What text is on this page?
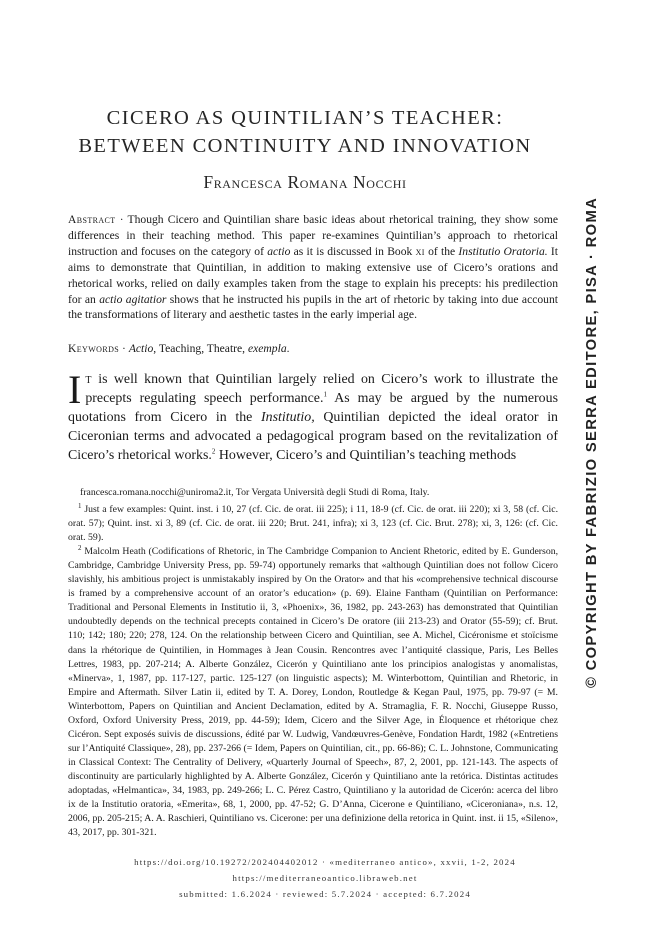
CICERO AS QUINTILIAN’S TEACHER:
BETWEEN CONTINUITY AND INNOVATION
Francesca Romana Nocchi
Abstract · Though Cicero and Quintilian share basic ideas about rhetorical training, they show some differences in their teaching method. This paper re-examines Quintilian’s approach to rhetorical instruction and focuses on the category of actio as it is discussed in Book xi of the Institutio Oratoria. It aims to demonstrate that Quintilian, in addition to making extensive use of Cicero’s orations and rhetorical works, relied on daily examples taken from the stage to explain his precepts: his predilection for an actio agitatior shows that he instructed his pupils in the art of rhetoric by taking into due account the transformations of literary and aesthetic tastes in the early imperial age.
Keywords · Actio, Teaching, Theatre, exempla.
It is well known that Quintilian largely relied on Cicero’s work to illustrate the precepts regulating speech performance.$^1$ As may be argued by the numerous quotations from Cicero in the Institutio, Quintilian depicted the ideal orator in Ciceronian terms and advocated a pedagogical program based on the revitalization of Cicero’s rhetorical works.$^2$ However, Cicero’s and Quintilian’s teaching methods

francesca.romana.nocchi@uniroma2.it, Tor Vergata Università degli Studi di Roma, Italy.

$^1$ Just a few examples: Quint. inst. i 10, 27 (cf. Cic. de orat. iii 225); i 11, 18-9 (cf. Cic. de orat. iii 220); xi 3, 58 (cf. Cic. orat. 57); Quint. inst. xi 3, 89 (cf. Cic. de orat. iii 220; Brut. 241, infra); xi 3, 123 (cf. Cic. Brut. 278); xi, 3, 126: (cf. Cic. orat. 59).

$^2$ Malcolm Heath (Codifications of Rhetoric, in The Cambridge Companion to Ancient Rhetoric, edited by E. Gunderson, Cambridge, Cambridge University Press, pp. 59-74) opportunely remarks that «although Quintilian does not follow Cicero slavishly, his ambitious project is unmistakably inspired by On the Orator» and that his «comprehensive technical discourse is framed by a comprehensive account of an orator’s education» (p. 69). Elaine Fantham (Quintilian on Performance: Traditional and Personal Elements in Institutio ii, 3, «Phoenix», 36, 1982, pp. 243-263) has demonstrated that Quintilian undoubtedly depends on the technical precepts contained in Cicero’s De oratore (iii 213-23) and Orator (55-59); cf. Brut. 110; 142; 180; 220; 278, 124. On the relationship between Cicero and Quintilian, see A. Michel, Cicéronisme et stoïcisme dans la rhétorique de Quintilien, in Hommages à Jean Cousin. Rencontres avec l’antiquité classique, Paris, Les Belles Lettres, 1983, pp. 207-214; A. Alberte González, Cicerón y Quintiliano ante los principios analogistas y anomalistas, «Minerva», 1, 1987, pp. 117-127, partic. 125-127 (on linguistic aspects); M. Winterbottom, Quintilian and Rhetoric, in Empire and Aftermath. Silver Latin ii, edited by T. A. Dorey, London, Routledge & Kegan Paul, 1975, pp. 79-97 (= M. Winterbottom, Papers on Quintilian and Ancient Declamation, edited by A. Stramaglia, F. R. Nocchi, Giuseppe Russo, Oxford, Oxford University Press, 2019, pp. 44-59); Idem, Cicero and the Silver Age, in Éloquence et rhétorique chez Cicéron. Sept exposés suivis de discussions, édité par W. Ludwig, Vandœuvres-Genève, Fondation Hardt, 1982 («Entretiens sur l’Antiquité Classique», 28), pp. 237-266 (= Idem, Papers on Quintilian, cit., pp. 66-86); C. L. Johnstone, Communicating in Classical Context: The Centrality of Delivery, «Quarterly Journal of Speech», 87, 2, 2001, pp. 121-143. The aspects of discontinuity are particularly highlighted by A. Alberte González, Cicerón y Quintiliano ante la retórica. Distintas actitudes adoptadas, «Helmantica», 34, 1983, pp. 249-266; L. C. Pérez Castro, Quintiliano y la autoridad de Cicerón: acerca del libro ix de la Institutio oratoria, «Emerita», 68, 1, 2000, pp. 47-52; G. D’Anna, Cicerone e Quintiliano, «Ciceroniana», n.s. 12, 2006, pp. 205-215; A. A. Raschieri, Quintiliano vs. Cicerone: per una definizione della retorica in Quint. inst. ii 15, «Sileno», 43, 2017, pp. 301-321.

https://doi.org/10.19272/202404402012 · «mediterraneo antico», xxvii, 1-2, 2024
https://mediterraneoantico.libraweb.net
submitted: 1.6.2024 · reviewed: 5.7.2024 · accepted: 6.7.2024
© COPYRIGHT BY FABRIZIO SERRA EDITORE, PISA · ROMA
